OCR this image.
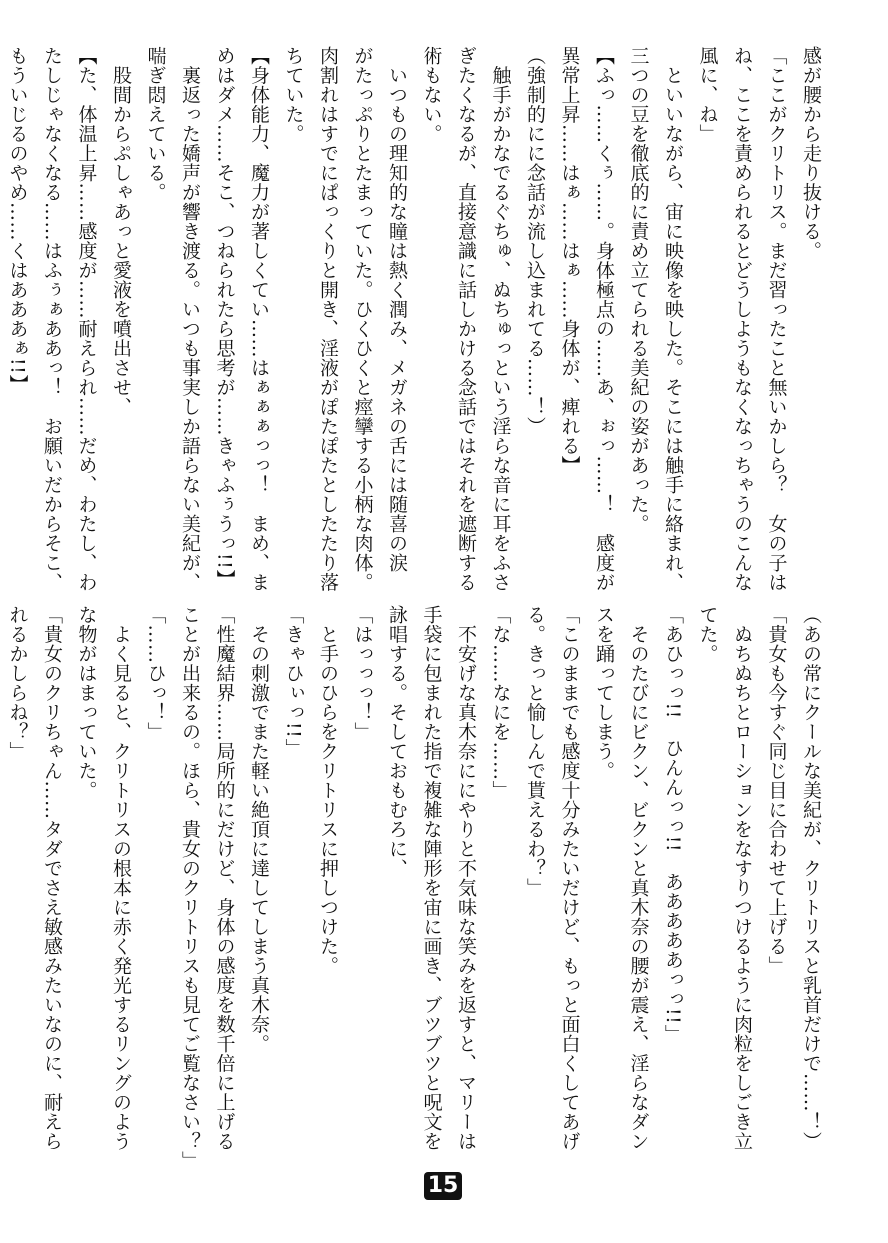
感が腰から走り抜ける。

「ここがクリトリス。まだ習ったこと無いかしら？　女の子は

ね、ここを責められるとどうしようもなくなっちゃうのこんな

風に、ね」

　といいながら、宙に映像を映した。そこには触手に絡まれ、

三つの豆を徹底的に責め立てられる美紀の姿があった。

【ふっ……くぅ……。身体極点の……あ、ぉっ……！　感度が

異常上昇……はぁ……はぁ……身体が、痺れる】

（強制的にに念話が流し込まれてる……！）

　触手がかなでるぐちゅ、ぬちゅっという淫らな音に耳をふさ

ぎたくなるが、直接意識に話しかける念話ではそれを遮断する

術もない。

　いつもの理知的な瞳は熱く潤み、メガネの舌には随喜の涙

がたっぷりとたまっていた。ひくひくと痙攣する小柄な肉体。

肉割れはすでにぱっくりと開き、淫液がぽたぽたとしたたり落

ちていた。

【身体能力、魔力が著しくてい……はぁぁぁっっ！　まめ、ま

めはダメ……そこ、つねられたら思考が……きゃふぅうっ!!】

　裏返った嬌声が響き渡る。いつも事実しか語らない美紀が、

喘ぎ悶えている。

　股間からぷしゃあっと愛液を噴出させ、

【た、体温上昇……感度が……耐えられ……だめ、わたし、わ

たしじゃなくなる……はふぅぁああっ！　お願いだからそこ、

もういじるのやめ……くはあああぁ!!】

（あの常にクールな美紀が、クリトリスと乳首だけで……！）

「貴女も今すぐ同じ目に合わせて上げる」

　ぬちぬちとローションをなすりつけるように肉粒をしごき立

てた。

「あひっっ!!　ひんんっっ!!　あああああっっ!!」

　そのたびにビクン、ビクンと真木奈の腰が震え、淫らなダン

スを踊ってしまう。

「このままでも感度十分みたいだけど、もっと面白くしてあげ

る。きっと愉しんで貰えるわ？」

「な……なにを……」

　不安げな真木奈ににやりと不気味な笑みを返すと、マリーは

手袋に包まれた指で複雑な陣形を宙に画き、ブツブツと呪文を

詠唱する。そしておもむろに、

「はっっっ！」

　と手のひらをクリトリスに押しつけた。

「きゃひぃっ!!」

　その刺激でまた軽い絶頂に達してしまう真木奈。

「性魔結界……局所的にだけど、身体の感度を数千倍に上げる

ことが出来るの。ほら、貴女のクリトリスも見てご覧なさい？」

「……ひっ！」

　よく見ると、クリトリスの根本に赤く発光するリングのよう

な物がはまっていた。

「貴女のクリちゃん……タダでさえ敏感みたいなのに、耐えら

れるかしらね？」

15
